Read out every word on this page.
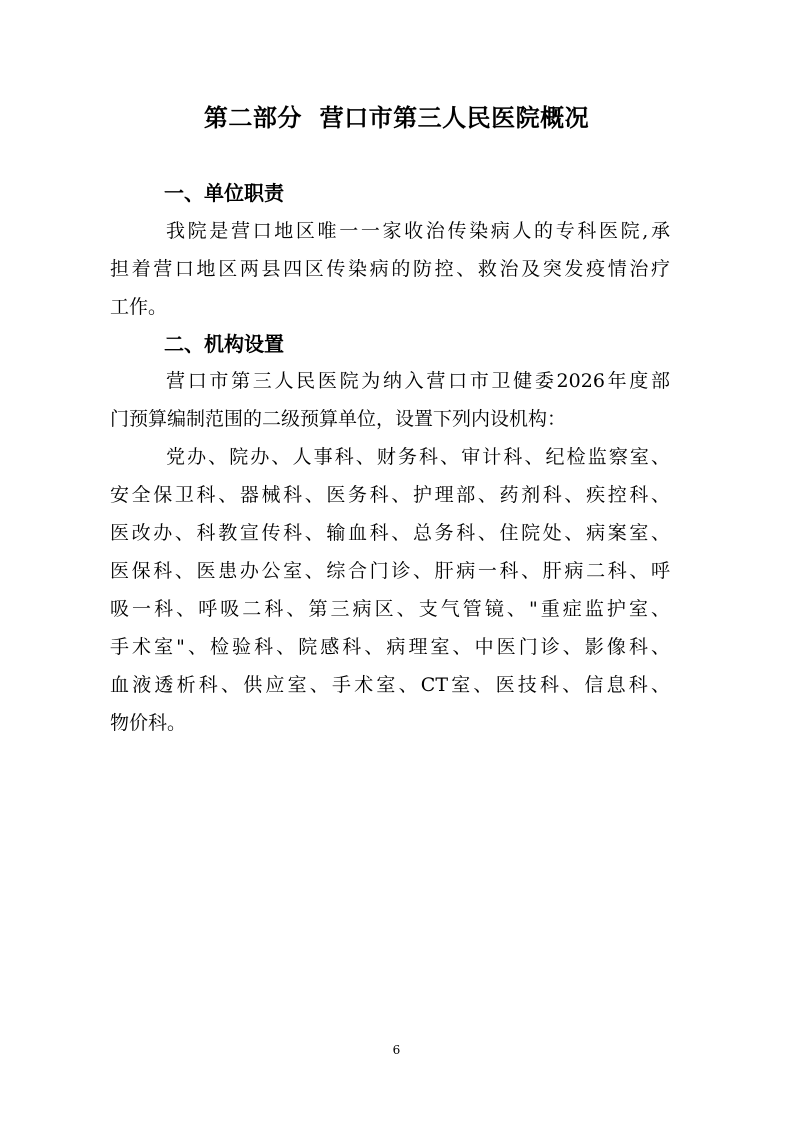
第二部分  营口市第三人民医院概况
一、单位职责
我院是营口地区唯一一家收治传染病人的专科医院,承
担着营口地区两县四区传染病的防控、救治及突发疫情治疗
工作。
二、机构设置
营口市第三人民医院为纳入营口市卫健委2026年度部
门预算编制范围的二级预算单位，设置下列内设机构：
党办、院办、人事科、财务科、审计科、纪检监察室、
安全保卫科、器械科、医务科、护理部、药剂科、疾控科、
医改办、科教宣传科、输血科、总务科、住院处、病案室、
医保科、医患办公室、综合门诊、肝病一科、肝病二科、呼
吸一科、呼吸二科、第三病区、支气管镜、"重症监护室、
手术室"、检验科、院感科、病理室、中医门诊、影像科、
血液透析科、供应室、手术室、CT室、医技科、信息科、
物价科。
6
